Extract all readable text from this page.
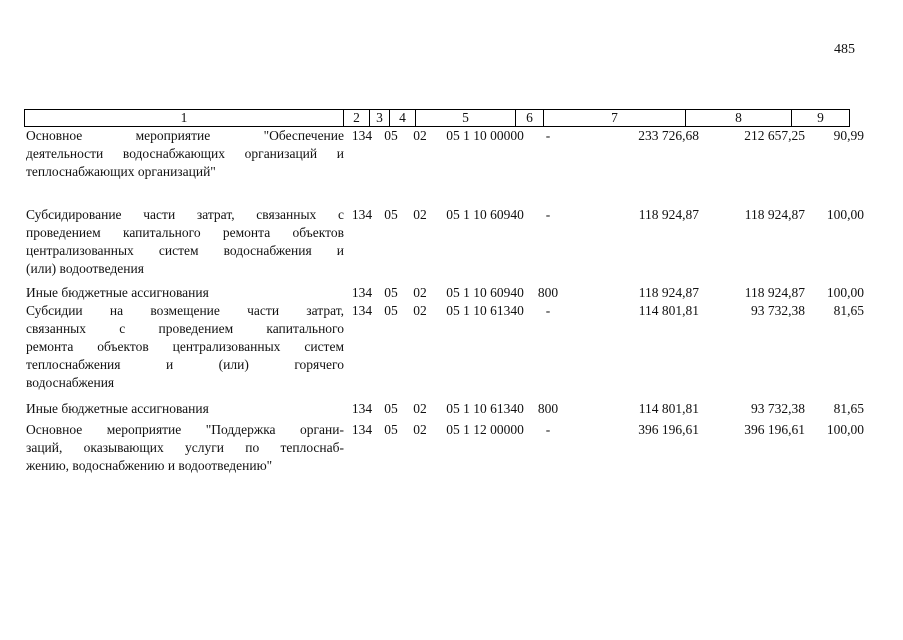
485
1	2	3	4	5	6	7	8	9
Основное мероприятие "Обеспечение
деятельности водоснабжающих организаций и
теплоснабжающих организаций"
134 05	02	05 1 10 00000	-	233 726,68	212 657,25	90,99
Субсидирование части затрат, связанных с
проведением капитального ремонта объектов
централизованных систем водоснабжения и
(или) водоотведения
134 05	02	05 1 10 60940	-	118 924,87	118 924,87	100,00
Иные бюджетные ассигнования	134 05	02	05 1 10 60940	800	118 924,87	118 924,87	100,00
Субсидии на возмещение части затрат,
связанных с проведением капитального
ремонта объектов централизованных систем
теплоснабжения и (или) горячего
водоснабжения
134 05	02	05 1 10 61340	-	114 801,81	93 732,38	81,65
Иные бюджетные ассигнования	134 05	02	05 1 10 61340	800	114 801,81	93 732,38	81,65
Основное мероприятие "Поддержка органи-
заций, оказывающих услуги по теплоснаб-
жению, водоснабжению и водоотведению"
134 05	02	05 1 12 00000	-	396 196,61	396 196,61	100,00
